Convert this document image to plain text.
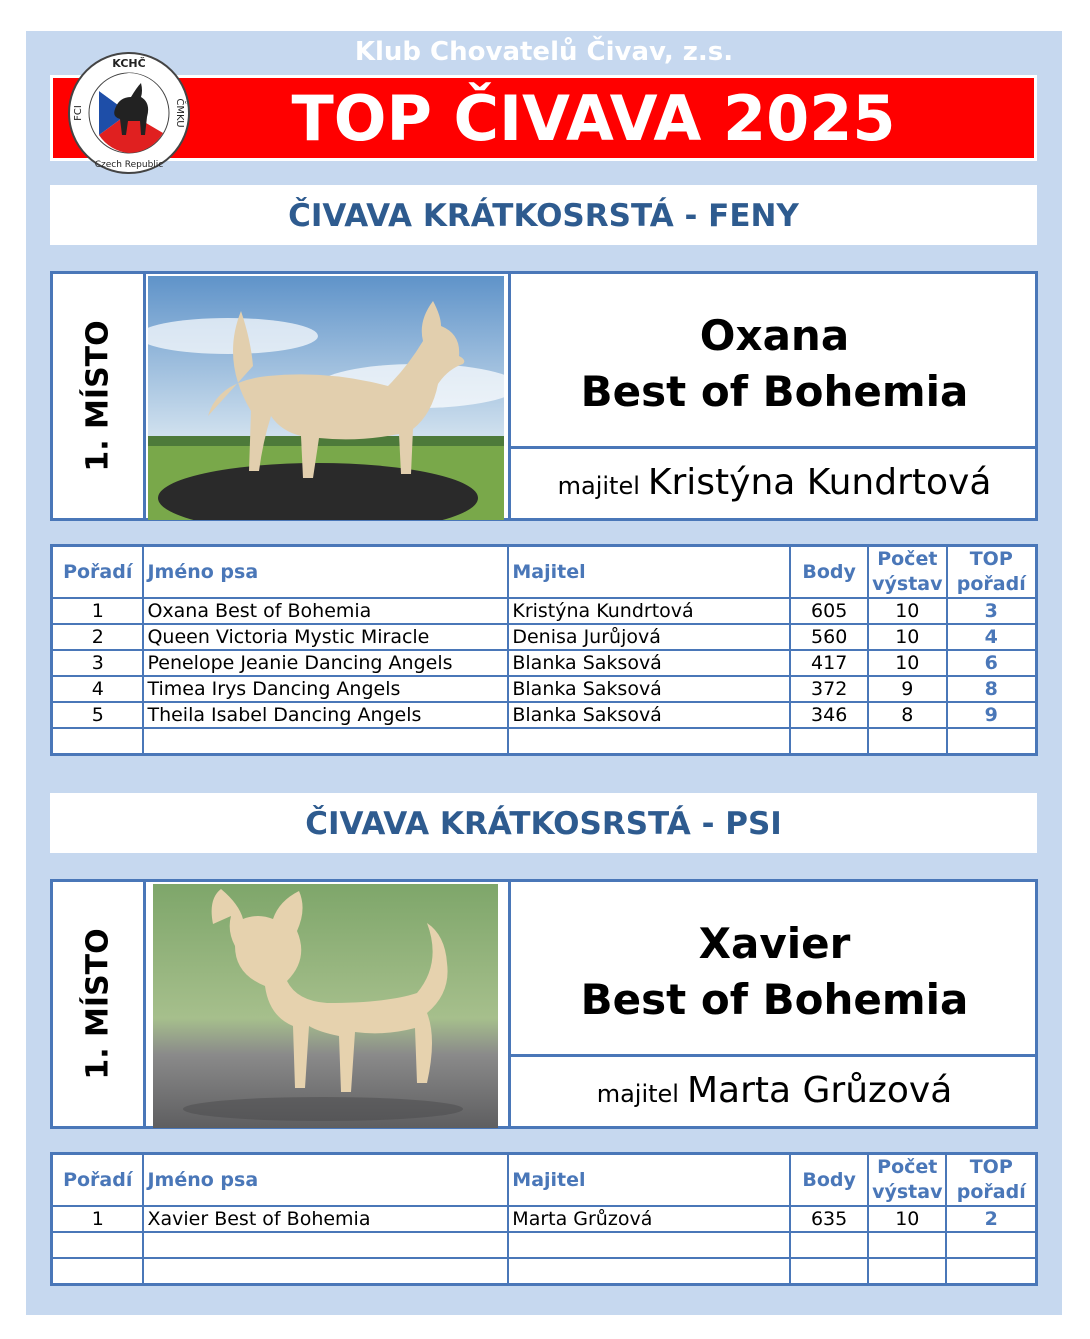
Klub Chovatelů Čivav, z.s.
TOP ČIVAVA 2025
KCHČ
FCI	ČMKU
Czech Republic
ČIVAVA KRÁTKOSRSTÁ - FENY
1. MÍSTO	Oxana
Best of Bohemia
majitel Kristýna Kundrtová
Pořadí	Jméno psa	Majitel	Body	Počet výstav	TOP pořadí
1	Oxana Best of Bohemia	Kristýna Kundrtová	605	10	3
2	Queen Victoria Mystic Miracle	Denisa Jurůjová	560	10	4
3	Penelope Jeanie Dancing Angels	Blanka Saksová	417	10	6
4	Timea Irys Dancing Angels	Blanka Saksová	372	9	8
5	Theila Isabel Dancing Angels	Blanka Saksová	346	8	9

ČIVAVA KRÁTKOSRSTÁ - PSI
1. MÍSTO	Xavier
Best of Bohemia
majitel Marta Grůzová
Pořadí	Jméno psa	Majitel	Body	Počet výstav	TOP pořadí
1	Xavier Best of Bohemia	Marta Grůzová	635	10	2
